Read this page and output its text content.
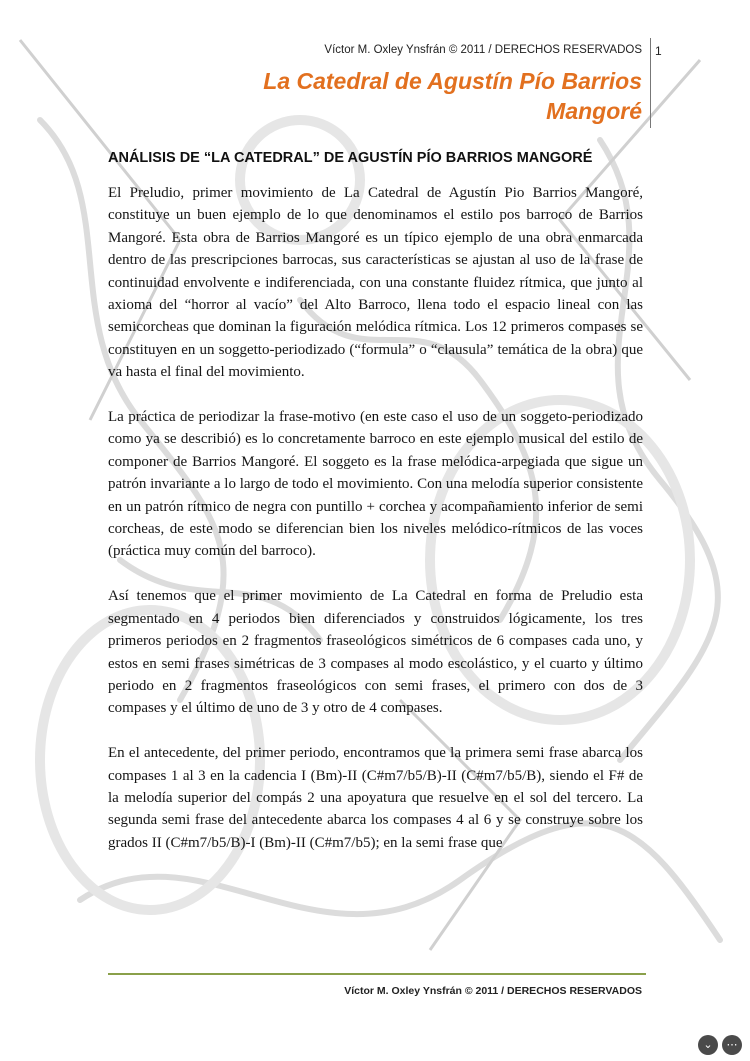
Víctor M. Oxley Ynsfrán © 2011 / DERECHOS RESERVADOS 1
La Catedral de Agustín Pío Barrios
Mangoré
ANÁLISIS DE “LA CATEDRAL” DE AGUSTÍN PÍO BARRIOS MANGORÉ

El Preludio, primer movimiento de La Catedral de Agustín Pio Barrios Mangoré, constituye un buen ejemplo de lo que denominamos el estilo pos barroco de Barrios Mangoré. Esta obra de Barrios Mangoré es un típico ejemplo de una obra enmarcada dentro de las prescripciones barrocas, sus características se ajustan al uso de la frase de continuidad envolvente e indiferenciada, con una constante fluidez rítmica, que junto al axioma del “horror al vacío” del Alto Barroco, llena todo el espacio lineal con las semicorcheas que dominan la figuración melódica rítmica. Los 12 primeros compases se constituyen en un soggetto-periodizado (“formula” o “clausula” temática de la obra) que va hasta el final del movimiento.

La práctica de periodizar la frase-motivo (en este caso el uso de un soggeto-periodizado como ya se describió) es lo concretamente barroco en este ejemplo musical del estilo de componer de Barrios Mangoré. El soggeto es la frase melódica-arpegiada que sigue un patrón invariante a lo largo de todo el movimiento. Con una melodía superior consistente en un patrón rítmico de negra con puntillo + corchea y acompañamiento inferior de semi corcheas, de este modo se diferencian bien los niveles melódico-rítmicos de las voces (práctica muy común del barroco).

Así tenemos que el primer movimiento de La Catedral en forma de Preludio esta segmentado en 4 periodos bien diferenciados y construidos lógicamente, los tres primeros periodos en 2 fragmentos fraseológicos simétricos de 6 compases cada uno, y estos en semi frases simétricas de 3 compases al modo escolástico, y el cuarto y último periodo en 2 fragmentos fraseológicos con semi frases, el primero con dos de 3 compases y el último de uno de 3 y otro de 4 compases.

En el antecedente, del primer periodo, encontramos que la primera semi frase abarca los compases 1 al 3 en la cadencia I (Bm)-II (C#m7/b5/B)-II (C#m7/b5/B), siendo el F# de la melodía superior del compás 2 una apoyatura que resuelve en el sol del tercero. La segunda semi frase del antecedente abarca los compases 4 al 6 y se construye sobre los grados II (C#m7/b5/B)-I (Bm)-II (C#m7/b5); en la semi frase que

Víctor M. Oxley Ynsfrán © 2011 / DERECHOS RESERVADOS
⌄	⋯
